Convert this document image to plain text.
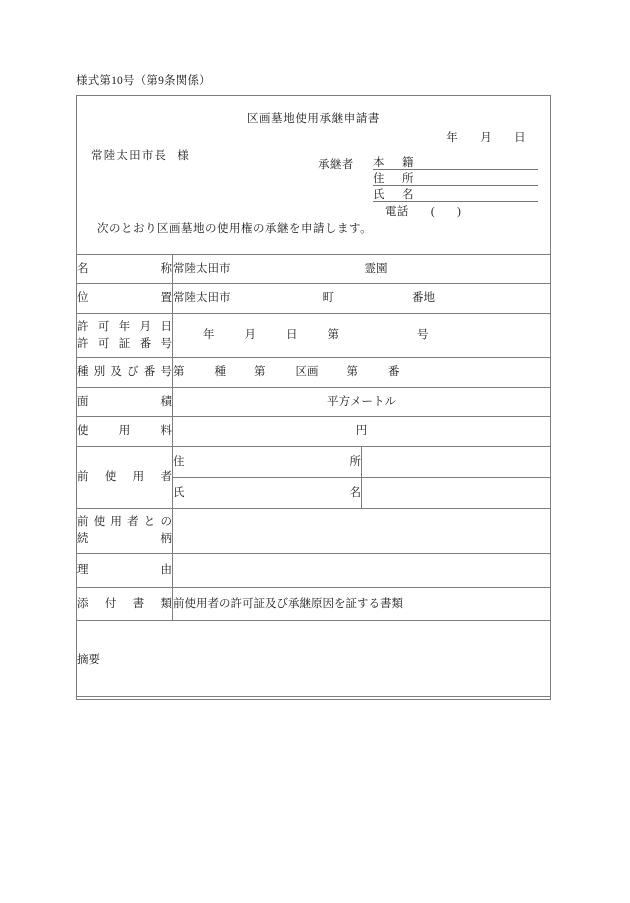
様式第10号（第9条関係）
区画墓地使用承継申請書
年 月 日
常陸太田市長 様
承継者 本　籍
住　所
氏　名
電話 ( )
次のとおり区画墓地の使用権の承継を申請します。
名称	常陸太田市 霊園	

位置	常陸太田市 町 番地	

許可年月日
許可証番号	年 月 日 第 号	

種別及び番号	第 種 第 区画 第 番	

面積	平方メートル	

使用料	円	

前使用者	住　所	
	氏　名	

前使用者との
続柄		

理由		

添付書類	前使用者の許可証及び承継原因を証する書類	
摘要		
